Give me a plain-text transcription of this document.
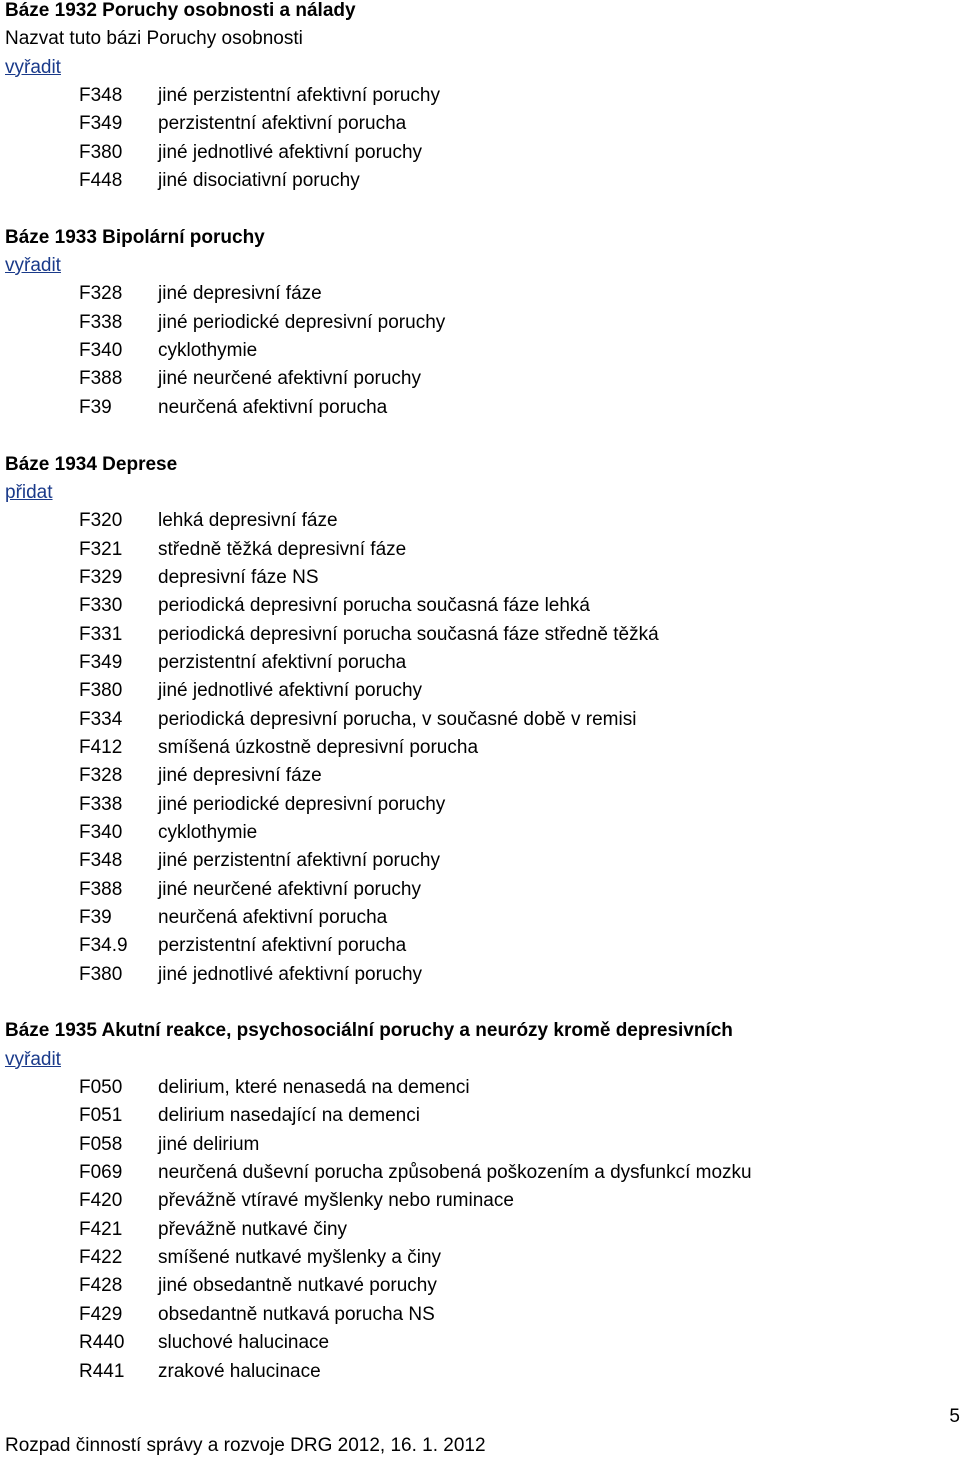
Báze 1932 Poruchy osobnosti a nálady
Nazvat tuto bázi Poruchy osobnosti
vyřadit
F348	jiné perzistentní afektivní poruchy
F349	perzistentní afektivní porucha
F380	jiné jednotlivé afektivní poruchy
F448	jiné disociativní poruchy
Báze 1933 Bipolární poruchy
vyřadit
F328	jiné depresivní fáze
F338	jiné periodické depresivní poruchy
F340	cyklothymie
F388	jiné neurčené afektivní poruchy
F39	neurčená afektivní porucha
Báze 1934 Deprese
přidat
F320	lehká depresivní fáze
F321	středně těžká depresivní fáze
F329	depresivní fáze NS
F330	periodická depresivní porucha současná fáze lehká
F331	periodická depresivní porucha současná fáze středně těžká
F349	perzistentní afektivní porucha
F380	jiné jednotlivé afektivní poruchy
F334	periodická depresivní porucha, v současné době v remisi
F412	smíšená úzkostně depresivní porucha
F328	jiné depresivní fáze
F338	jiné periodické depresivní poruchy
F340	cyklothymie
F348	jiné perzistentní afektivní poruchy
F388	jiné neurčené afektivní poruchy
F39	neurčená afektivní porucha
F34.9	perzistentní afektivní porucha
F380	jiné jednotlivé afektivní poruchy
Báze 1935 Akutní reakce, psychosociální poruchy a neurózy kromě depresivních
vyřadit
F050	delirium, které nenasedá na demenci
F051	delirium nasedající na demenci
F058	jiné delirium
F069	neurčená duševní porucha způsobená poškozením a dysfunkcí mozku
F420	převážně vtíravé myšlenky nebo ruminace
F421	převážně nutkavé činy
F422	smíšené nutkavé myšlenky a činy
F428	jiné obsedantně nutkavé poruchy
F429	obsedantně nutkavá porucha NS
R440	sluchové halucinace
R441	zrakové halucinace
Rozpad činností správy a rozvoje DRG 2012, 16. 1. 2012
5
